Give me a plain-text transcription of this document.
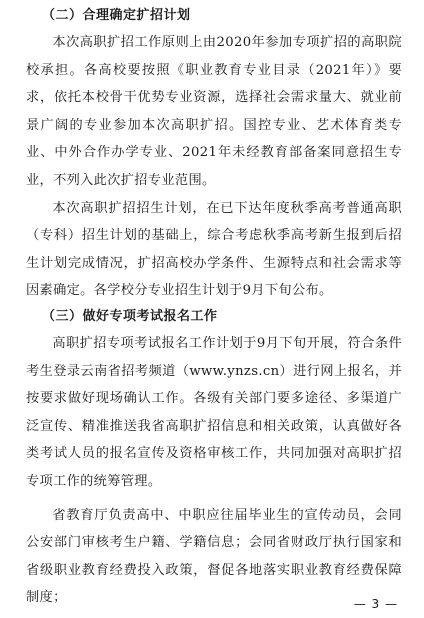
（二）合理确定扩招计划

本次高职扩招工作原则上由2020年参加专项扩招的高职院校承担。各高校要按照《职业教育专业目录（2021年）》要求，依托本校骨干优势专业资源，选择社会需求量大、就业前景广阔的专业参加本次高职扩招。国控专业、艺术体育类专业、中外合作办学专业、2021年未经教育部备案同意招生专业，不列入此次扩招专业范围。

本次高职扩招招生计划，在已下达年度秋季高考普通高职（专科）招生计划的基础上，综合考虑秋季高考新生报到后招生计划完成情况，扩招高校办学条件、生源特点和社会需求等因素确定。各学校分专业招生计划于9月下旬公布。

（三）做好专项考试报名工作

高职扩招专项考试报名工作计划于9月下旬开展，符合条件考生登录云南省招考频道（www.ynzs.cn）进行网上报名，并按要求做好现场确认工作。各级有关部门要多途径、多渠道广泛宣传、精准推送我省高职扩招信息和相关政策，认真做好各类考试人员的报名宣传及资格审核工作，共同加强对高职扩招专项工作的统筹管理。

省教育厅负责高中、中职应往届毕业生的宣传动员，会同公安部门审核考生户籍、学籍信息；会同省财政厅执行国家和省级职业教育经费投入政策，督促各地落实职业教育经费保障制度；	— 3 —
